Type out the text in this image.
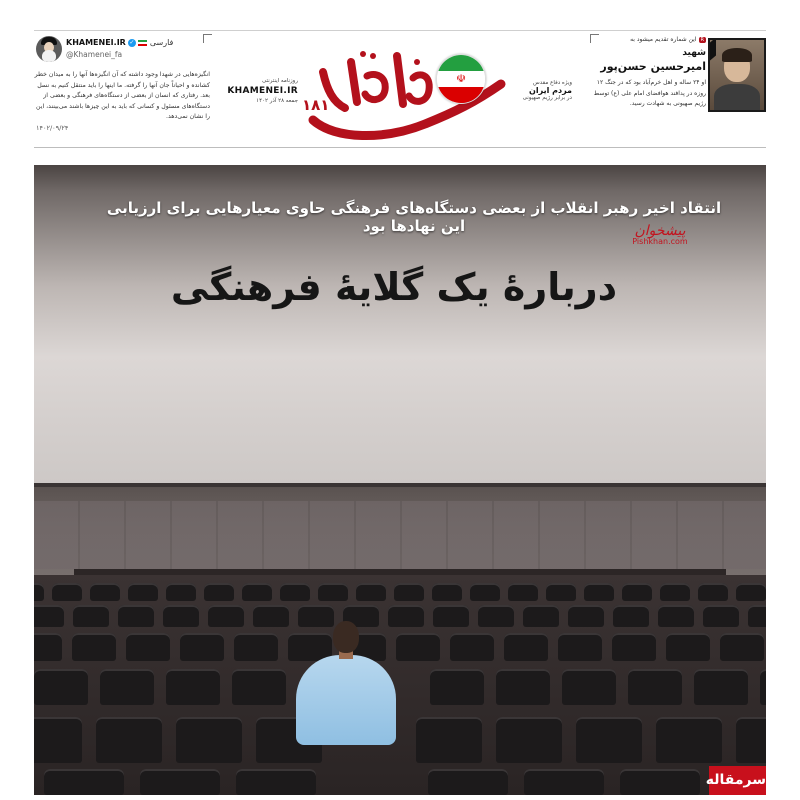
KHAMENEI.IR ✓ فارسی
@Khamenei_fa
انگیزه‌هایی در شهدا وجود داشته که آن انگیزه‌ها آنها را به میدان خطر کشانده و احیاناً جان آنها را گرفته. ما اینها را باید منتقل کنیم به نسل بعد. رفتاری که انسان از بعضی از دستگاه‌های فرهنگی و بعضی از دستگاه‌های مسئول و کسانی که باید به این چیزها باشند می‌بینند، این را نشان نمی‌دهد.
۱۴۰۲/۰۹/۲۴
روزنامه اینترنتی
KHAMENEI.IR
جمعه ۲۸ آذر ۱۴۰۲ ۱۸۱
☫	ویژه دفاع مقدس
مردم ایران
در برابر رژیم صهیونی
Rاین شماره تقدیم میشود به
شهید
امیرحسین حسن‌پور
او ۲۴ ساله و اهل خرم‌آباد بود که در جنگ ۱۲ روزه در پدافند هوافضای امام علی (ع) توسط رژیم صهیونی به شهادت رسید.
انتقاد اخیر رهبر انقلاب از بعضی دستگاه‌های فرهنگی حاوی معیارهایی برای ارزیابی این نهادها بود
دربارۀ یک گلایۀ فرهنگی
پیشخوان
Pishkhan.com
سرمقاله
